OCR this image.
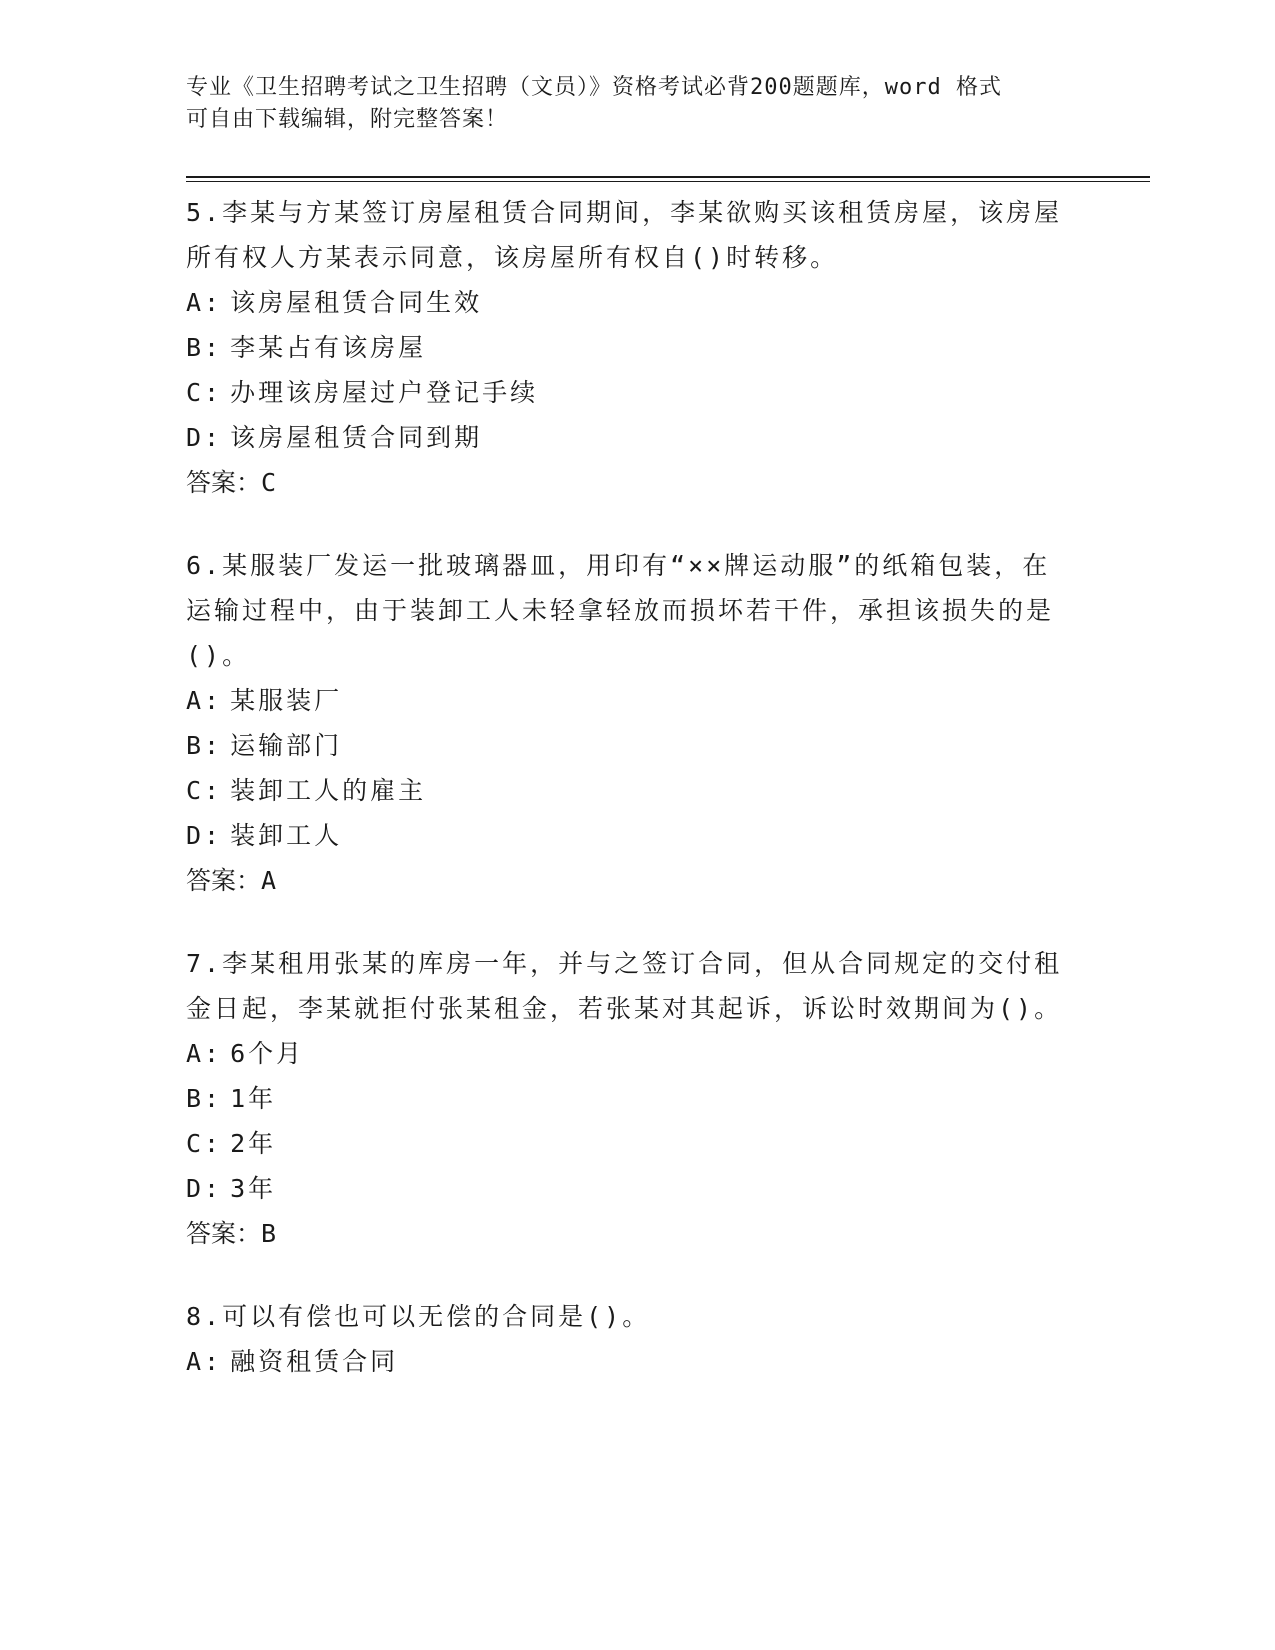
专业《卫生招聘考试之卫生招聘（文员）》资格考试必背200题题库，word 格式
可自由下载编辑，附完整答案！

5.李某与方某签订房屋租赁合同期间，李某欲购买该租赁房屋，该房屋所有权人方某表示同意，该房屋所有权自()时转移。

A: 该房屋租赁合同生效

B: 李某占有该房屋

C: 办理该房屋过户登记手续

D: 该房屋租赁合同到期

答案：C

6.某服装厂发运一批玻璃器皿，用印有“××牌运动服”的纸箱包装，在运输过程中，由于装卸工人未轻拿轻放而损坏若干件，承担该损失的是()。

A: 某服装厂

B: 运输部门

C: 装卸工人的雇主

D: 装卸工人

答案：A

7.李某租用张某的库房一年，并与之签订合同，但从合同规定的交付租金日起，李某就拒付张某租金，若张某对其起诉，诉讼时效期间为()。

A: 6个月

B: 1年

C: 2年

D: 3年

答案：B

8.可以有偿也可以无偿的合同是()。

A: 融资租赁合同
